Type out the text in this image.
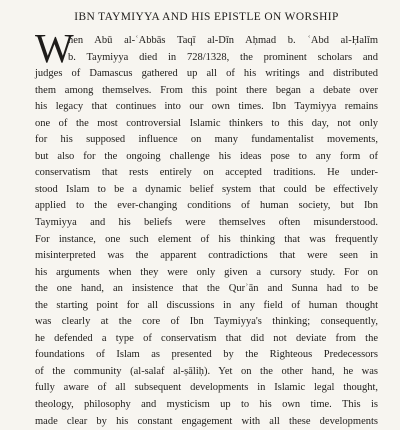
IBN TAYMIYYA AND HIS EPISTLE ON WORSHIP
W
hen Abū al-ʿAbbās Taqī al-Dīn Aḥmad b. ʿAbd al-Ḥalīm
b. Taymiyya died in 728/1328, the prominent scholars and
judges of Damascus gathered up all of his writings and distributed
them among themselves. From this point there began a debate over
his legacy that continues into our own times. Ibn Taymiyya remains
one of the most controversial Islamic thinkers to this day, not only
for his supposed influence on many fundamentalist movements,
but also for the ongoing challenge his ideas pose to any form of
conservatism that rests entirely on accepted traditions. He under-
stood Islam to be a dynamic belief system that could be effectively
applied to the ever-changing conditions of human society, but Ibn
Taymiyya and his beliefs were themselves often misunderstood.
For instance, one such element of his thinking that was frequently
misinterpreted was the apparent contradictions that were seen in
his arguments when they were only given a cursory study. For on
the one hand, an insistence that the Qurʾān and Sunna had to be
the starting point for all discussions in any field of human thought
was clearly at the core of Ibn Taymiyya's thinking; consequently,
he defended a type of conservatism that did not deviate from the
foundations of Islam as presented by the Righteous Predecessors
of the community (al-salaf al-ṣāliḥ). Yet on the other hand, he was
fully aware of all subsequent developments in Islamic legal thought,
theology, philosophy and mysticism up to his own time. This is
made clear by his constant engagement with all these developments
